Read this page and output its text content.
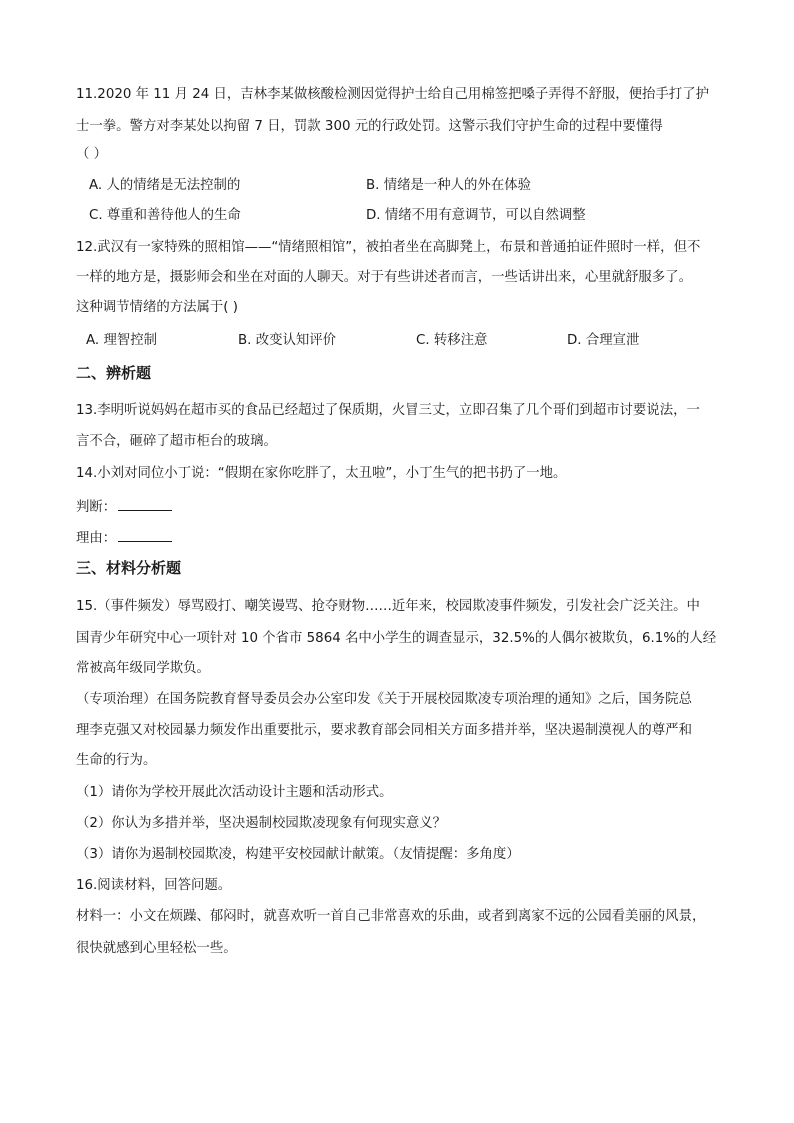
11.2020 年 11 月 24 日，吉林李某做核酸检测因觉得护士给自己用棉签把嗓子弄得不舒服，便抬手打了护
士一拳。警方对李某处以拘留 7 日，罚款 300 元的行政处罚。这警示我们守护生命的过程中要懂得
（ ）
A. 人的情绪是无法控制的	B. 情绪是一种人的外在体验
C. 尊重和善待他人的生命	D. 情绪不用有意调节，可以自然调整
12.武汉有一家特殊的照相馆——“情绪照相馆”，被拍者坐在高脚凳上，布景和普通拍证件照时一样，但不
一样的地方是，摄影师会和坐在对面的人聊天。对于有些讲述者而言，一些话讲出来，心里就舒服多了。
这种调节情绪的方法属于( )
A. 理智控制	B. 改变认知评价	C. 转移注意	D. 合理宣泄
二、辨析题
13.李明听说妈妈在超市买的食品已经超过了保质期，火冒三丈，立即召集了几个哥们到超市讨要说法，一
言不合，砸碎了超市柜台的玻璃。
14.小刘对同位小丁说：“假期在家你吃胖了，太丑啦”，小丁生气的把书扔了一地。
判断：
理由：
三、材料分析题
15.（事件频发）辱骂殴打、嘲笑谩骂、抢夺财物……近年来，校园欺凌事件频发，引发社会广泛关注。中
国青少年研究中心一项针对 10 个省市 5864 名中小学生的调查显示，32.5%的人偶尔被欺负，6.1%的人经
常被高年级同学欺负。
（专项治理）在国务院教育督导委员会办公室印发《关于开展校园欺凌专项治理的通知》之后，国务院总
理李克强又对校园暴力频发作出重要批示，要求教育部会同相关方面多措并举，坚决遏制漠视人的尊严和
生命的行为。
（1）请你为学校开展此次活动设计主题和活动形式。
（2）你认为多措并举，坚决遏制校园欺凌现象有何现实意义？
（3）请你为遏制校园欺凌，构建平安校园献计献策。（友情提醒：多角度）
16.阅读材料，回答问题。
材料一：小文在烦躁、郁闷时，就喜欢听一首自己非常喜欢的乐曲，或者到离家不远的公园看美丽的风景，
很快就感到心里轻松一些。
